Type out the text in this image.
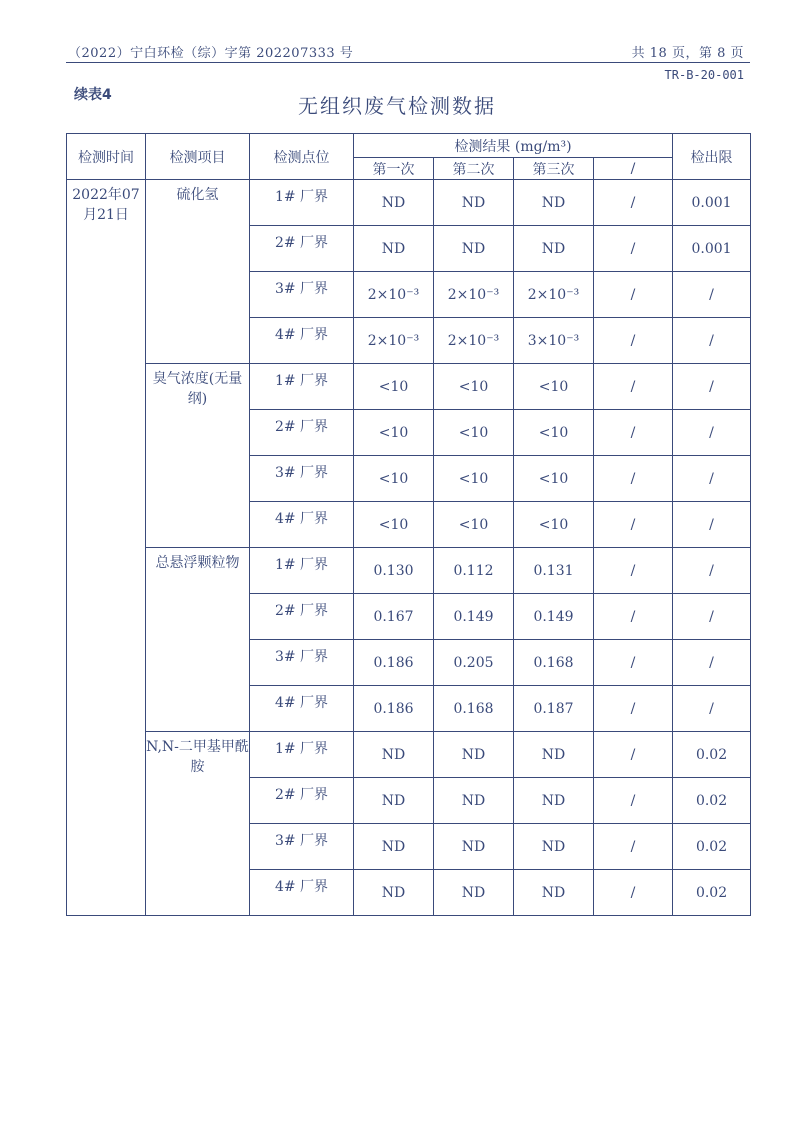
（2022）宁白环检（综）字第 202207333 号	共 18 页，第 8 页
TR-B-20-001
续表4	无组织废气检测数据
检测时间	检测项目	检测点位	检测结果 (mg/m³)				检出限
			第一次	第二次	第三次	/	
2022年07月21日	硫化氢	1# 厂界	ND	ND	ND	/	0.001
		2# 厂界	ND	ND	ND	/	0.001
		3# 厂界	2×10⁻³	2×10⁻³	2×10⁻³	/	/
		4# 厂界	2×10⁻³	2×10⁻³	3×10⁻³	/	/
	臭气浓度(无量纲)	1# 厂界	<10	<10	<10	/	/
		2# 厂界	<10	<10	<10	/	/
		3# 厂界	<10	<10	<10	/	/
		4# 厂界	<10	<10	<10	/	/
	总悬浮颗粒物	1# 厂界	0.130	0.112	0.131	/	/
		2# 厂界	0.167	0.149	0.149	/	/
		3# 厂界	0.186	0.205	0.168	/	/
		4# 厂界	0.186	0.168	0.187	/	/
	N,N-二甲基甲酰胺	1# 厂界	ND	ND	ND	/	0.02
		2# 厂界	ND	ND	ND	/	0.02
		3# 厂界	ND	ND	ND	/	0.02
		4# 厂界	ND	ND	ND	/	0.02
